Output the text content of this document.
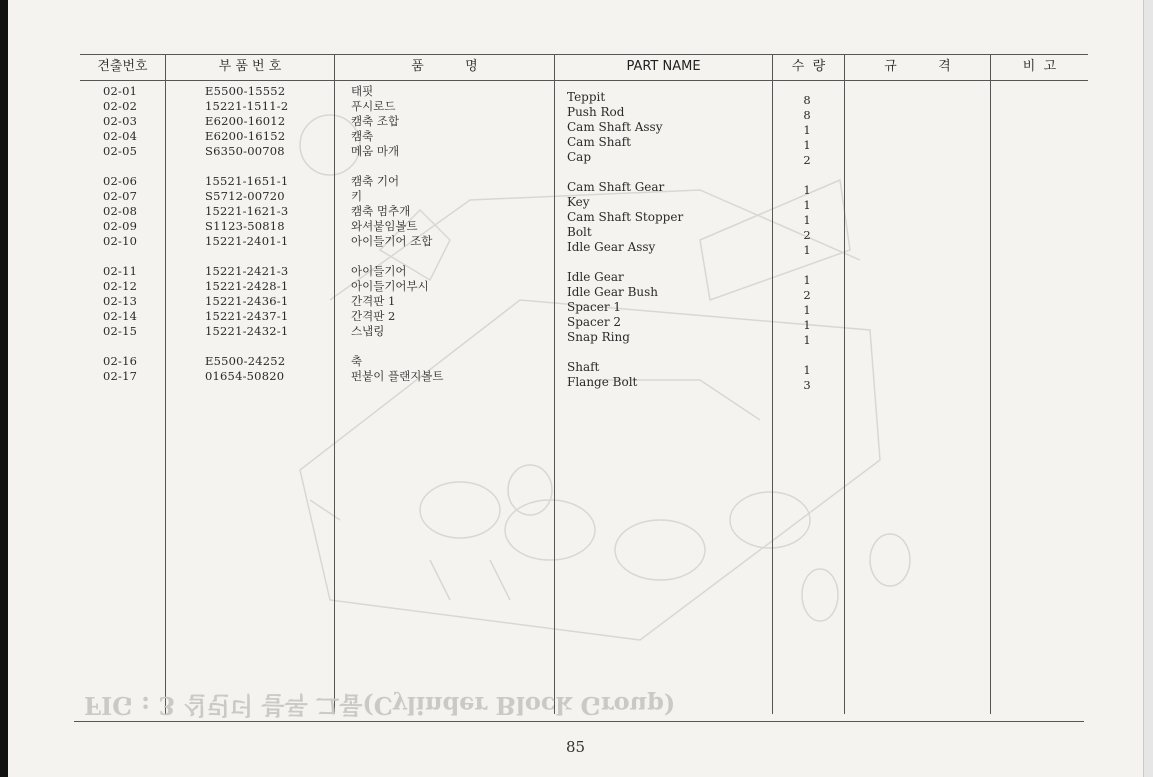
견출번호	부 품 번 호	품          명	PART NAME	수  량	규          격	비  고
02-01	E5500-15552	태핏	Teppit	8
02-02	15221-1511-2	푸시로드	Push Rod	8
02-03	E6200-16012	캠축 조합	Cam Shaft Assy	1
02-04	E6200-16152	캠축	Cam Shaft	1
02-05	S6350-00708	메움 마개	Cap	2
02-06	15521-1651-1	캠축 기어	Cam Shaft Gear	1
02-07	S5712-00720	키	Key	1
02-08	15221-1621-3	캠축 멈추개	Cam Shaft Stopper	1
02-09	S1123-50818	와셔붙임볼트	Bolt	2
02-10	15221-2401-1	아이들기어 조합	Idle Gear Assy	1
02-11	15221-2421-3	아이들기어	Idle Gear	1
02-12	15221-2428-1	아이들기어부시	Idle Gear Bush	2
02-13	15221-2436-1	간격판 1	Spacer 1	1
02-14	15221-2437-1	간격판 2	Spacer 2	1
02-15	15221-2432-1	스냅링	Snap Ring	1
02-16	E5500-24252	축	Shaft	1
02-17	01654-50820	펀붙이 플랜지볼트	Flange Bolt	3
FIG : 3 실린더 블록 그룹(Cylinder Block Group)
85
